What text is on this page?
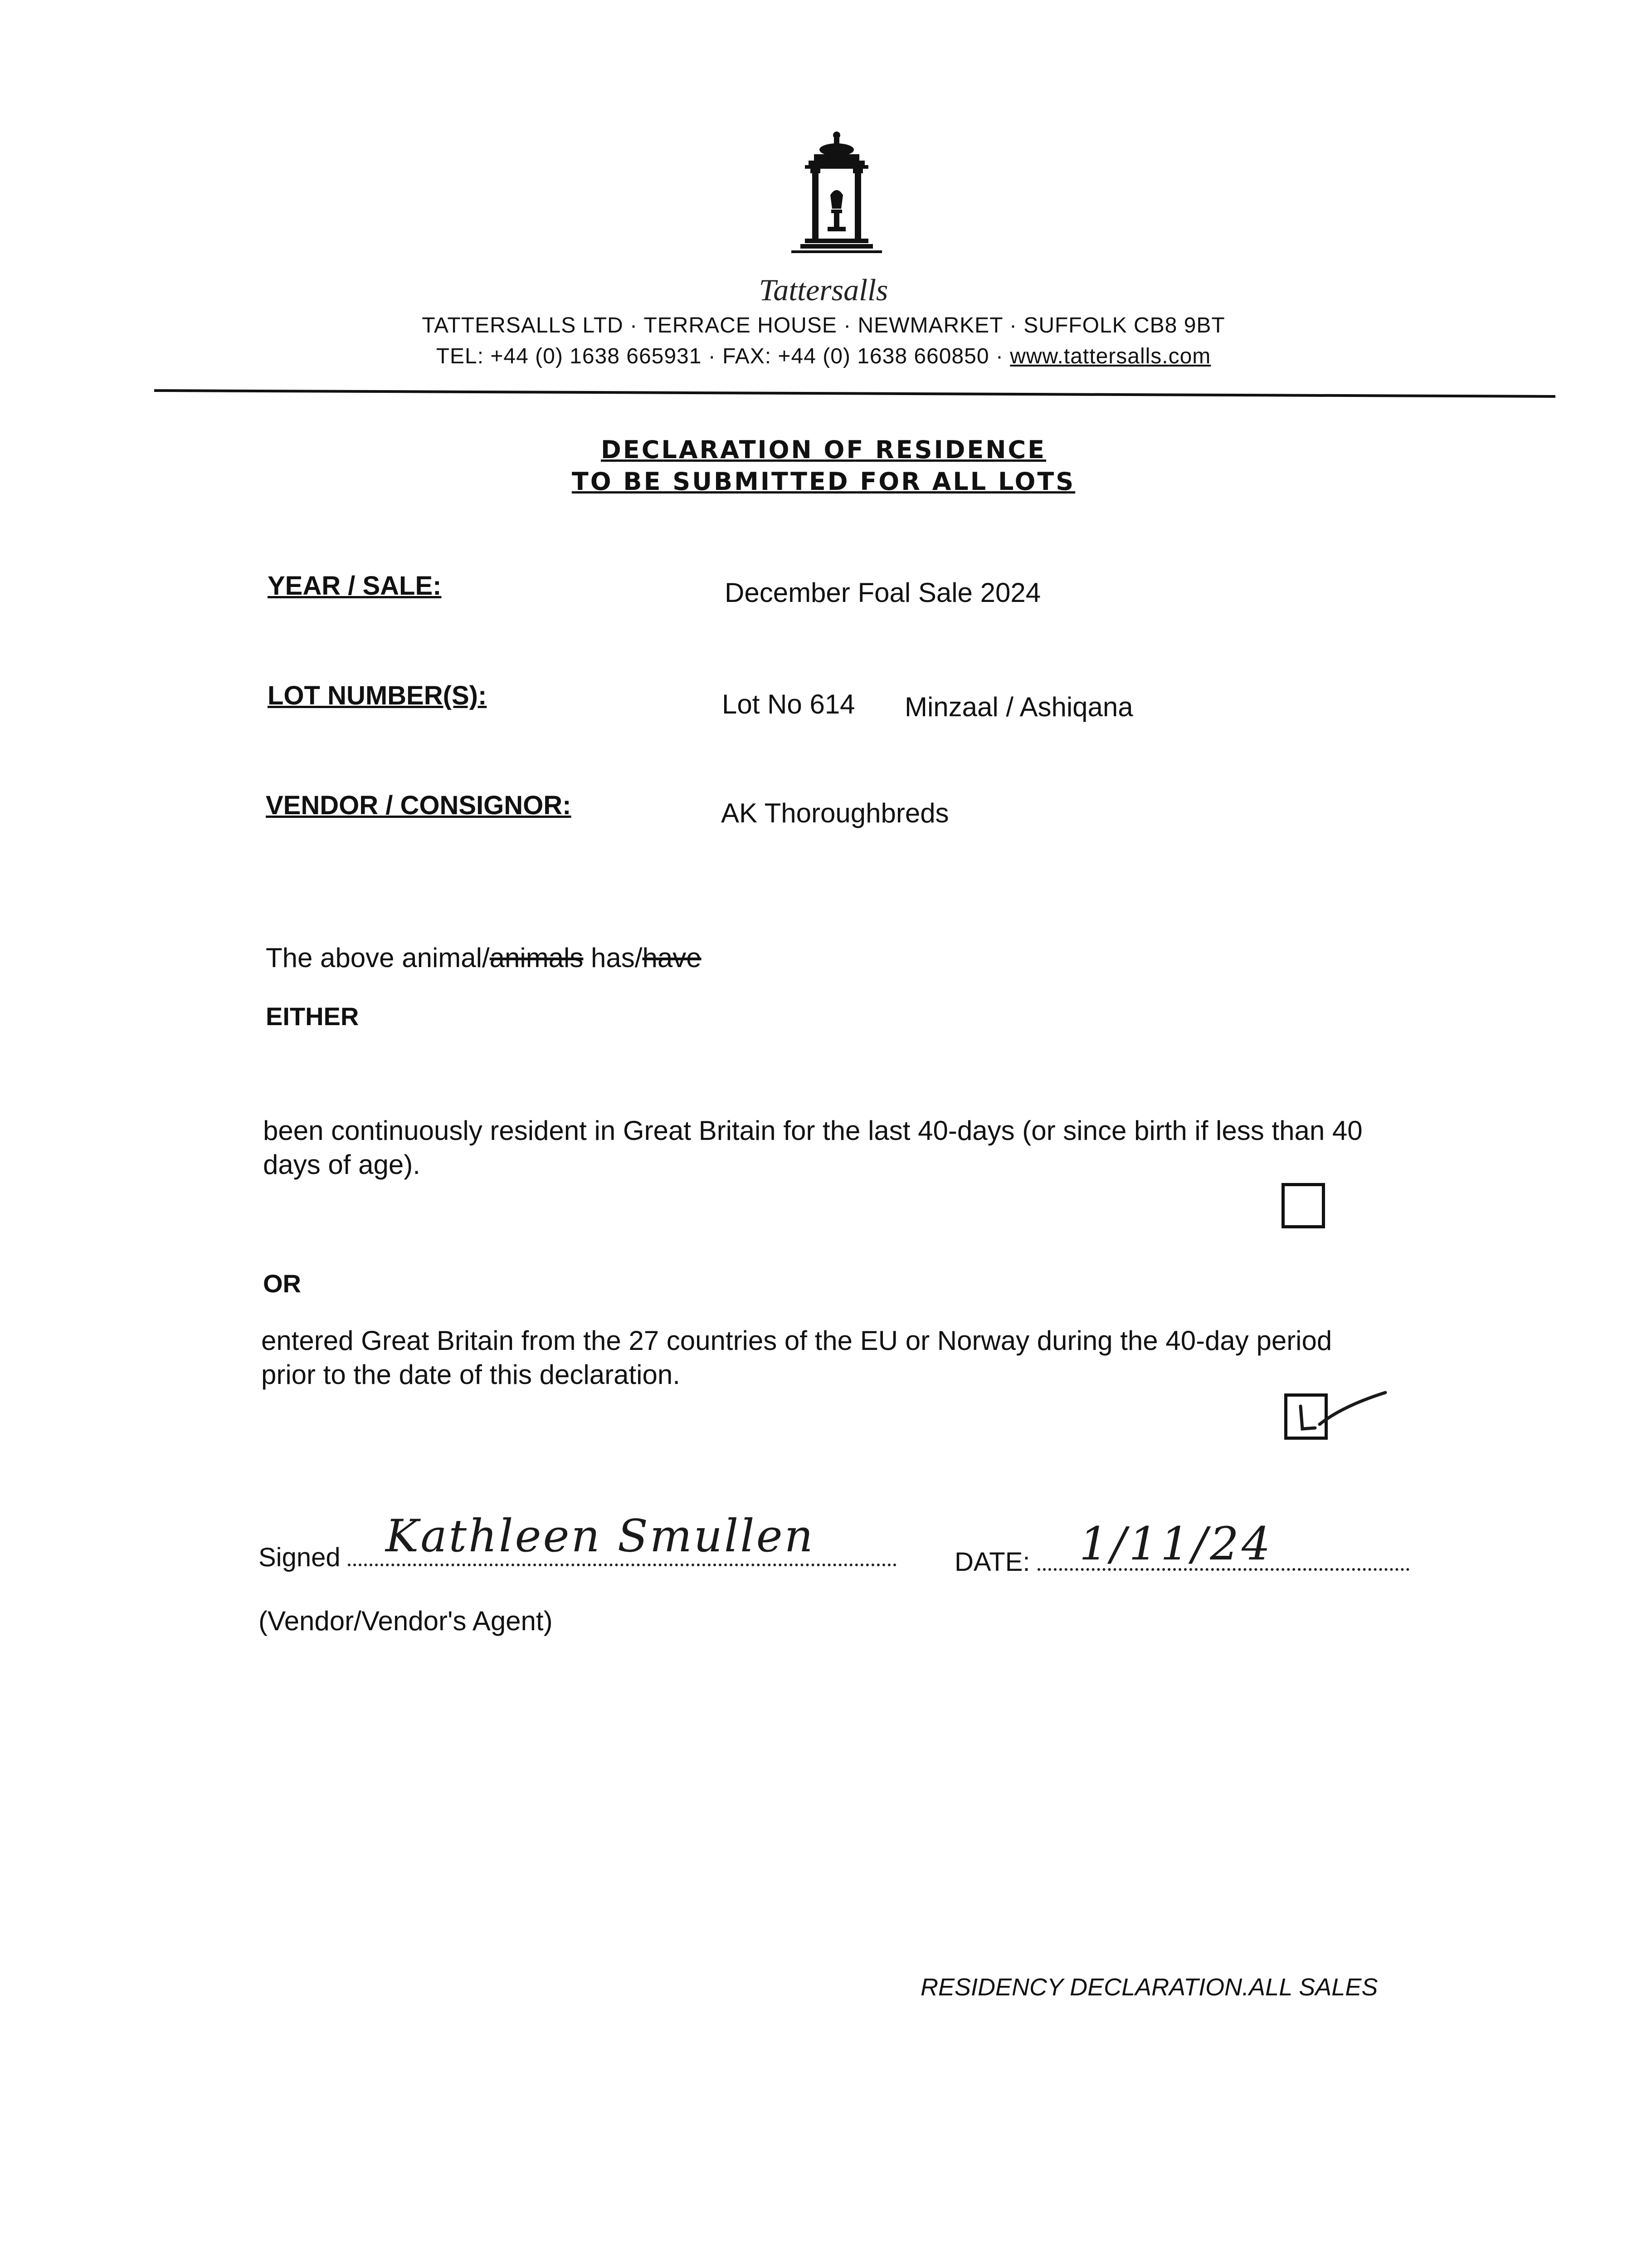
Tattersalls
TATTERSALLS LTD · TERRACE HOUSE · NEWMARKET · SUFFOLK CB8 9BT
TEL: +44 (0) 1638 665931 · FAX: +44 (0) 1638 660850 · www.tattersalls.com
DECLARATION OF RESIDENCE
TO BE SUBMITTED FOR ALL LOTS
YEAR / SALE:	December Foal Sale 2024
LOT NUMBER(S):	Lot No 614 Minzaal / Ashiqana
VENDOR / CONSIGNOR:	AK Thoroughbreds
The above animal/animals has/have
EITHER
been continuously resident in Great Britain for the last 40-days (or since birth if less than 40
days of age).
OR
entered Great Britain from the 27 countries of the EU or Norway during the 40-day period
prior to the date of this declaration.
Signed	Kathleen Smullen	DATE:	1/11/24
(Vendor/Vendor's Agent)
RESIDENCY DECLARATION.ALL SALES
